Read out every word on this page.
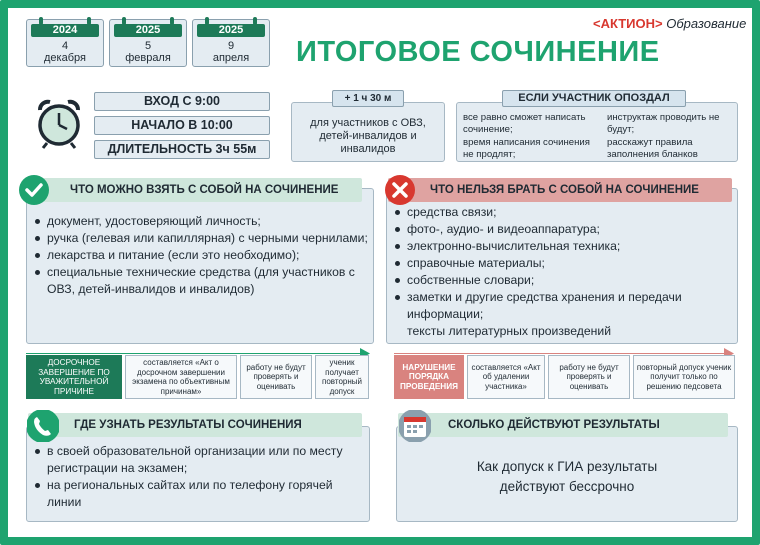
2024
4
декабря
2025
5
февраля
2025
9
апреля
<АКТИОН> Образование
ИТОГОВОЕ СОЧИНЕНИЕ
ВХОД С 9:00
НАЧАЛО В 10:00
ДЛИТЕЛЬНОСТЬ 3ч 55м
для участников с ОВЗ, детей-инвалидов и инвалидов
+ 1 ч 30 м
все равно сможет написать сочинение;
время написания сочинения не продлят;
инструктаж проводить не будут;
расскажут правила заполнения бланков
ЕСЛИ УЧАСТНИК ОПОЗДАЛ
документ, удостоверяющий личность;
ручка (гелевая или капиллярная) с черными чернилами;
лекарства и питание (если это необходимо);
специальные технические средства (для участников с ОВЗ, детей-инвалидов и инвалидов)
ЧТО МОЖНО ВЗЯТЬ С СОБОЙ НА СОЧИНЕНИЕ
средства связи;
фото-, аудио- и видеоаппаратура;
электронно-вычислительная техника;
справочные материалы;
собственные словари;
заметки и другие средства хранения и передачи информации;
тексты литературных произведений
ЧТО НЕЛЬЗЯ БРАТЬ С СОБОЙ НА СОЧИНЕНИЕ
ДОСРОЧНОЕ ЗАВЕРШЕНИЕ ПО УВАЖИТЕЛЬНОЙ ПРИЧИНЕ
составляется «Акт о досрочном завершении экзамена по объективным причинам»
работу не будут проверять и оценивать
ученик получает повторный допуск
НАРУШЕНИЕ ПОРЯДКА ПРОВЕДЕНИЯ
составляется «Акт об удалении участника»
работу не будут проверять и оценивать
повторный допуск ученик получит только по решению педсовета
в своей образовательной организации или по месту регистрации на экзамен;
на региональных сайтах или по телефону горячей линии
ГДЕ УЗНАТЬ РЕЗУЛЬТАТЫ СОЧИНЕНИЯ
Как допуск к ГИА результаты
действуют бессрочно
СКОЛЬКО ДЕЙСТВУЮТ РЕЗУЛЬТАТЫ
